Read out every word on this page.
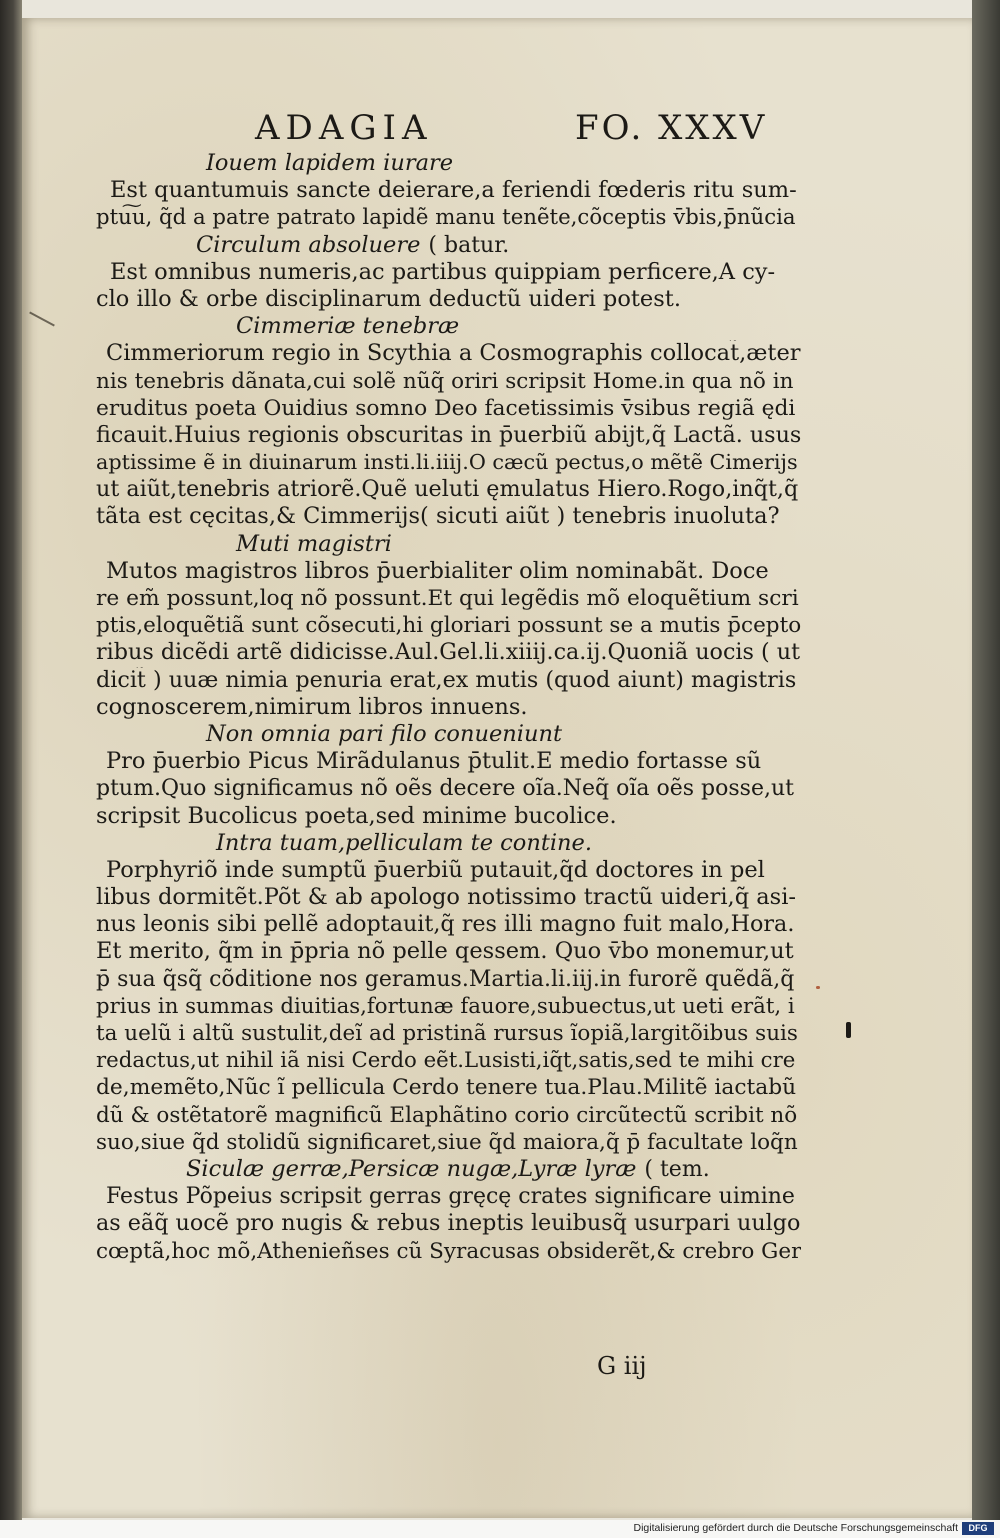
ADAGIA	FO. XXXV
Iouem lapidem iurare
Est quantumuis sancte deierare,a feriendi fœderis ritu sum-
ptu͠u, q̃d a patre patrato lapidẽ manu tenẽte,cõceptis v̄bis,p̄nũcia
Circulum absoluere ( batur.
Est omnibus numeris,ac partibus quippiam perficere,A cy-
clo illo & orbe disciplinarum deductũ uideri potest.
Cimmeriæ tenebræ
Cimmeriorum regio in Scythia a Cosmographis collocat̃,æter
nis tenebris dãnata,cui solẽ nũq̃ oriri scripsit Home.in qua nõ in
eruditus poeta Ouidius somno Deo facetissimis v̄sibus regiã ędi
ficauit.Huius regionis obscuritas in p̄uerbiũ abijt,q̃ Lactã. usus
aptissime ẽ in diuinarum insti.li.iiij.O cæcũ pectus,o mẽtẽ Cimerijs
ut aiũt,tenebris atriorẽ.Quẽ ueluti ęmulatus Hiero.Rogo,inq̃t,q̃
tãta est cęcitas,& Cimmerijs( sicuti aiũt ) tenebris inuoluta?
Muti magistri
Mutos magistros libros p̄uerbialiter olim nominabãt. Doce
re em̃ possunt,loq nõ possunt.Et qui legẽdis mõ eloquẽtium scri
ptis,eloquẽtiã sunt cõsecuti,hi gloriari possunt se a mutis p̄cepto
ribus dicẽdi artẽ didicisse.Aul.Gel.li.xiiij.ca.ij.Quoniã uocis ( ut
dicit̃ ) uuæ nimia penuria erat,ex mutis (quod aiunt) magistris
cognoscerem,nimirum libros innuens.
Non omnia pari filo conueniunt
Pro p̄uerbio Picus Mirãdulanus p̄tulit.E medio fortasse sũ
ptum.Quo significamus nõ oẽs decere oĩa.Neq̃ oĩa oẽs posse,ut
scripsit Bucolicus poeta,sed minime bucolice.
Intra tuam,pelliculam te contine.
Porphyriõ inde sumptũ p̄uerbiũ putauit,q̃d doctores in pel
libus dormitẽt.Põt & ab apologo notissimo tractũ uideri,q̃ asi-
nus leonis sibi pellẽ adoptauit,q̃ res illi magno fuit malo,Hora.
Et merito, q̃m in p̄pria nõ pelle qessem. Quo v̄bo monemur,ut
p̄ sua q̃sq̃ cõditione nos geramus.Martia.li.iij.in furorẽ quẽdã,q̃
prius in summas diuitias,fortunæ fauore,subuectus,ut ueti erãt, i
ta uelũ i altũ sustulit,deĩ ad pristinã rursus ĩopiã,largitõibus suis
redactus,ut nihil iã nisi Cerdo eẽt.Lusisti,iq̃t,satis,sed te mihi cre
de,memẽto,Nũc ĩ pellicula Cerdo tenere tua.Plau.Militẽ iactabũ
dũ & ostẽtatorẽ magnificũ Elaphãtino corio circũtectũ scribit nõ
suo,siue q̃d stolidũ significaret,siue q̃d maiora,q̃ p̄ facultate loq̃n
Siculæ gerræ,Persicæ nugæ,Lyræ lyræ ( tem.
Festus Põpeius scripsit gerras gręcę crates significare uimine
as eãq̃ uocẽ pro nugis & rebus ineptis leuibusq̃ usurpari uulgo
cœptã,hoc mõ,Athenieñses cũ Syracusas obsiderẽt,& crebro Ger
G iij
Digitalisierung gefördert durch die Deutsche Forschungsgemeinschaft	DFG
